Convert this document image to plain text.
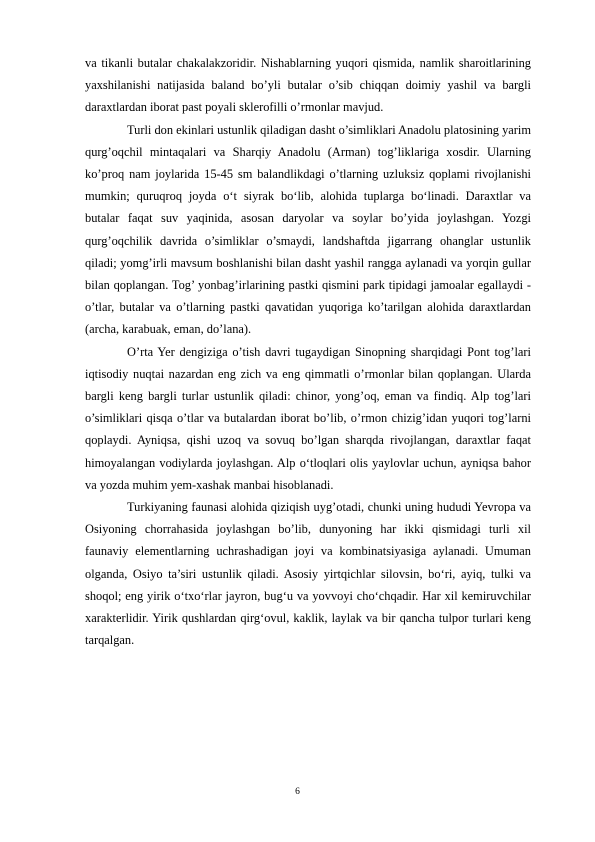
va tikanli butalar chakalakzoridir. Nishablarning yuqori qismida, namlik sharoitlarining yaxshilanishi natijasida baland bo’yli butalar o’sib chiqqan doimiy yashil va bargli daraxtlardan iborat past poyali sklerofilli o’rmonlar mavjud.

Turli don ekinlari ustunlik qiladigan dasht o’simliklari Anadolu platosining yarim qurg’oqchil mintaqalari va Sharqiy Anadolu (Arman) tog’liklariga xosdir. Ularning ko’proq nam joylarida 15-45 sm balandlikdagi o’tlarning uzluksiz qoplami rivojlanishi mumkin; quruqroq joyda o‘t siyrak bo‘lib, alohida tuplarga bo‘linadi. Daraxtlar va butalar faqat suv yaqinida, asosan daryolar va soylar bo’yida joylashgan. Yozgi qurg’oqchilik davrida o’simliklar o’smaydi, landshaftda jigarrang ohanglar ustunlik qiladi; yomg’irli mavsum boshlanishi bilan dasht yashil rangga aylanadi va yorqin gullar bilan qoplangan. Tog’ yonbag’irlarining pastki qismini park tipidagi jamoalar egallaydi - o’tlar, butalar va o’tlarning pastki qavatidan yuqoriga ko’tarilgan alohida daraxtlardan (archa, karabuak, eman, do’lana).

O’rta Yer dengiziga o’tish davri tugaydigan Sinopning sharqidagi Pont tog’lari iqtisodiy nuqtai nazardan eng zich va eng qimmatli o’rmonlar bilan qoplangan. Ularda bargli keng bargli turlar ustunlik qiladi: chinor, yong’oq, eman va findiq. Alp tog’lari o’simliklari qisqa o’tlar va butalardan iborat bo’lib, o’rmon chizig’idan yuqori tog’larni qoplaydi. Ayniqsa, qishi uzoq va sovuq bo’lgan sharqda rivojlangan, daraxtlar faqat himoyalangan vodiylarda joylashgan. Alp o‘tloqlari olis yaylovlar uchun, ayniqsa bahor va yozda muhim yem-xashak manbai hisoblanadi.

Turkiyaning faunasi alohida qiziqish uyg’otadi, chunki uning hududi Yevropa va Osiyoning chorrahasida joylashgan bo’lib, dunyoning har ikki qismidagi turli xil faunaviy elementlarning uchrashadigan joyi va kombinatsiyasiga aylanadi. Umuman olganda, Osiyo ta’siri ustunlik qiladi. Asosiy yirtqichlar silovsin, bo‘ri, ayiq, tulki va shoqol; eng yirik o‘txo‘rlar jayron, bug‘u va yovvoyi cho‘chqadir. Har xil kemiruvchilar xarakterlidir. Yirik qushlardan qirg‘ovul, kaklik, laylak va bir qancha tulpor turlari keng tarqalgan.

6
